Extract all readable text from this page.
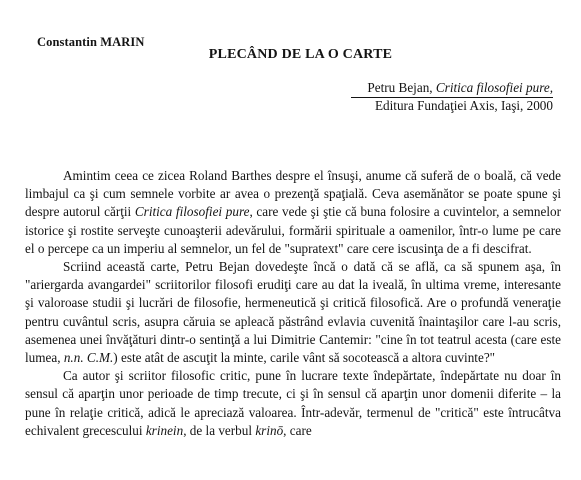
Constantin MARIN
PLECÂND DE LA O CARTE
Petru Bejan, Critica filosofiei pure,
Editura Fundaţiei Axis, Iaşi, 2000

Amintim ceea ce zicea Roland Barthes despre el însuşi, anume că suferă de o boală, că vede limbajul ca şi cum semnele vorbite ar avea o prezenţă spaţială. Ceva asemănător se poate spune şi despre autorul cărţii Critica filosofiei pure, care vede şi ştie că buna folosire a cuvintelor, a semnelor istorice şi rostite serveşte cunoaşterii adevărului, formării spirituale a oamenilor, într-o lume pe care el o percepe ca un imperiu al semnelor, un fel de "supratext" care cere iscusinţa de a fi descifrat.

Scriind această carte, Petru Bejan dovedeşte încă o dată că se află, ca să spunem aşa, în "ariergarda avangardei" scriitorilor filosofi erudiţi care au dat la iveală, în ultima vreme, interesante şi valoroase studii şi lucrări de filosofie, hermeneutică şi critică filosofică. Are o profundă veneraţie pentru cuvântul scris, asupra căruia se apleacă păstrând evlavia cuvenită înaintaşilor care l-au scris, asemenea unei învăţături dintr-o sentinţă a lui Dimitrie Cantemir: "cine în tot teatrul acesta (care este lumea, n.n. C.M.) este atât de ascuţit la minte, carile vânt să socotească a altora cuvinte?"

Ca autor şi scriitor filosofic critic, pune în lucrare texte îndepărtate, îndepărtate nu doar în sensul că aparţin unor perioade de timp trecute, ci şi în sensul că aparţin unor domenii diferite – la pune în relaţie critică, adică le apreciază valoarea. Într-adevăr, termenul de "critică" este întrucâtva echivalent grecescului krinein, de la verbul krinō, care
